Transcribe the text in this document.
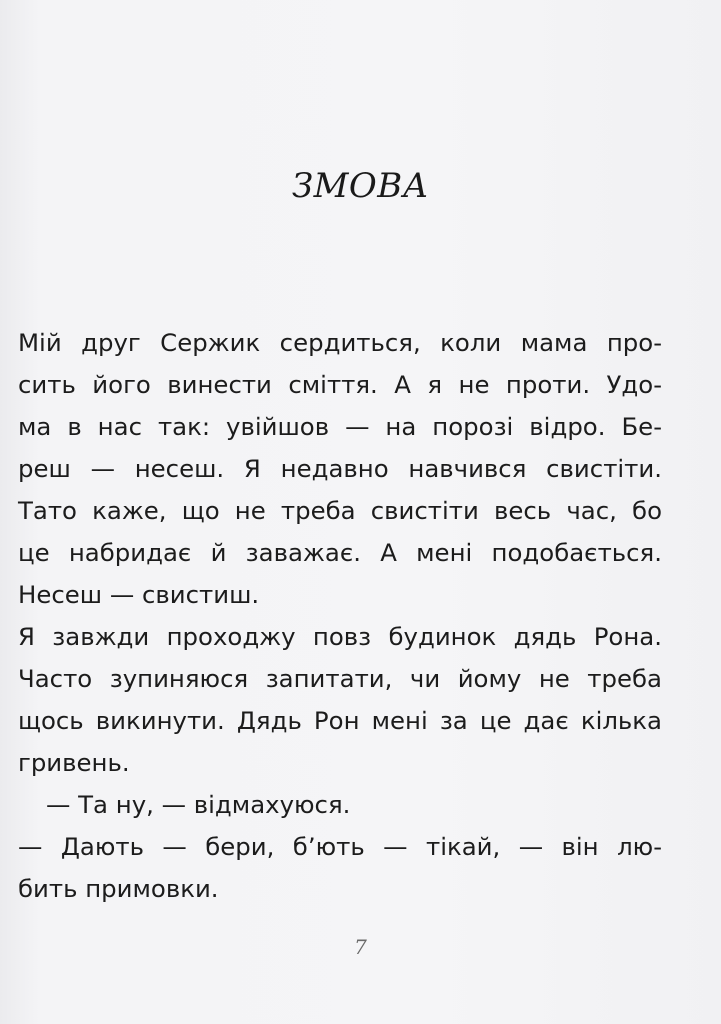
ЗМОВА
Мій друг Сержик сердиться, коли мама про-
сить його винести сміття. А я не проти. Удо-
ма в нас так: увійшов — на порозі відро. Бе-
реш — несеш. Я недавно навчився свистіти.
Тато каже, що не треба свистіти весь час, бо
це набридає й заважає. А мені подобається.
Несеш — свистиш.
Я завжди проходжу повз будинок дядь Рона.
Часто зупиняюся запитати, чи йому не треба
щось викинути. Дядь Рон мені за це дає кілька
гривень.
— Та ну, — відмахуюся.
— Дають — бери, б’ють — тікай, — він лю-
бить примовки.
7
